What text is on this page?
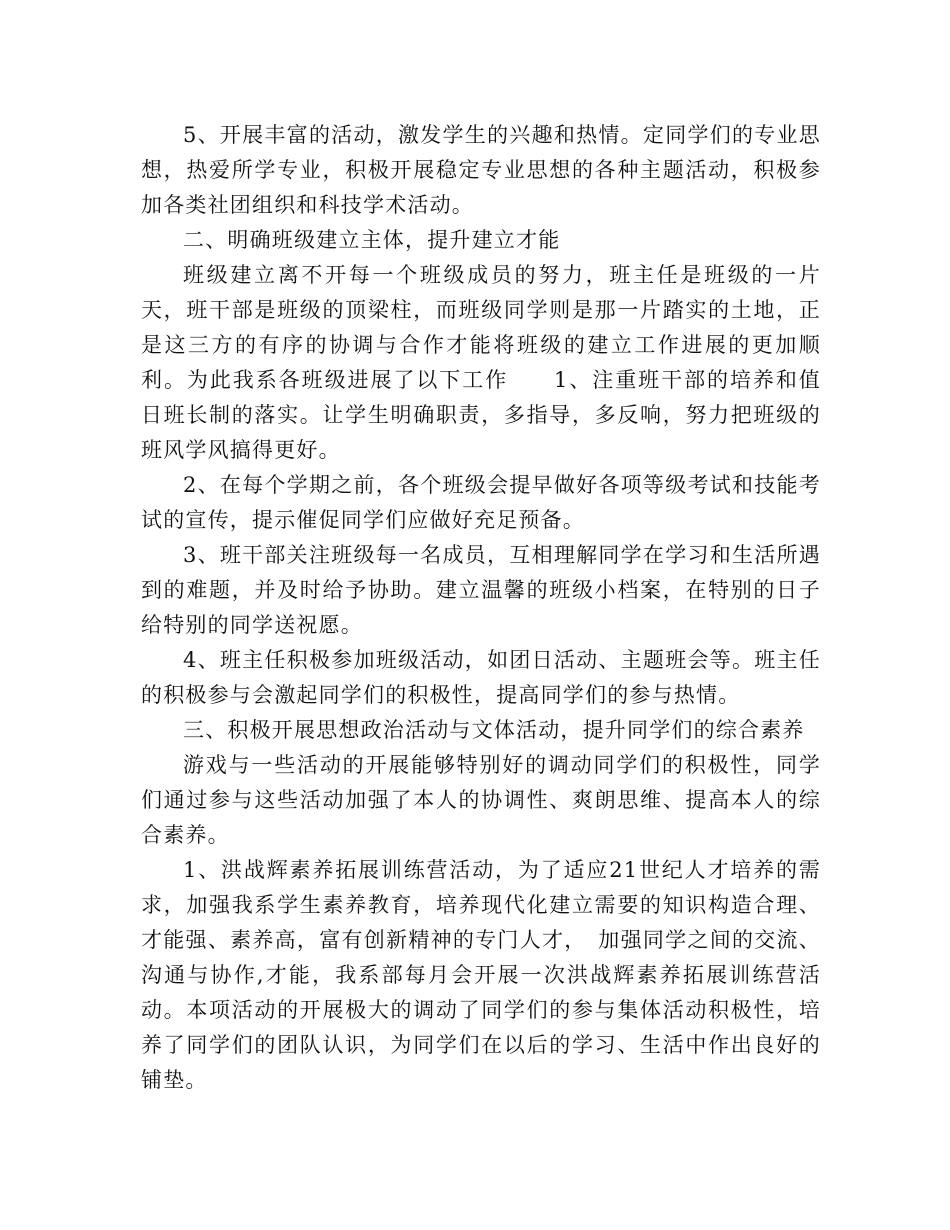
5、开展丰富的活动，激发学生的兴趣和热情。定同学们的专业思想，热爱所学专业，积极开展稳定专业思想的各种主题活动，积极参加各类社团组织和科技学术活动。

二、明确班级建立主体，提升建立才能

班级建立离不开每一个班级成员的努力，班主任是班级的一片天，班干部是班级的顶梁柱，而班级同学则是那一片踏实的土地，正是这三方的有序的协调与合作才能将班级的建立工作进展的更加顺利。为此我系各班级进展了以下工作　　1、注重班干部的培养和值日班长制的落实。让学生明确职责，多指导，多反响，努力把班级的班风学风搞得更好。

2、在每个学期之前，各个班级会提早做好各项等级考试和技能考试的宣传，提示催促同学们应做好充足预备。

3、班干部关注班级每一名成员，互相理解同学在学习和生活所遇到的难题，并及时给予协助。建立温馨的班级小档案，在特别的日子给特别的同学送祝愿。

4、班主任积极参加班级活动，如团日活动、主题班会等。班主任的积极参与会激起同学们的积极性，提高同学们的参与热情。

三、积极开展思想政治活动与文体活动，提升同学们的综合素养

游戏与一些活动的开展能够特别好的调动同学们的积极性，同学们通过参与这些活动加强了本人的协调性、爽朗思维、提高本人的综合素养。

1、洪战辉素养拓展训练营活动，为了适应21世纪人才培养的需求，加强我系学生素养教育，培养现代化建立需要的知识构造合理、才能强、素养高，富有创新精神的专门人才，　加强同学之间的交流、沟通与协作,才能，我系部每月会开展一次洪战辉素养拓展训练营活动。本项活动的开展极大的调动了同学们的参与集体活动积极性，培养了同学们的团队认识，为同学们在以后的学习、生活中作出良好的铺垫。
